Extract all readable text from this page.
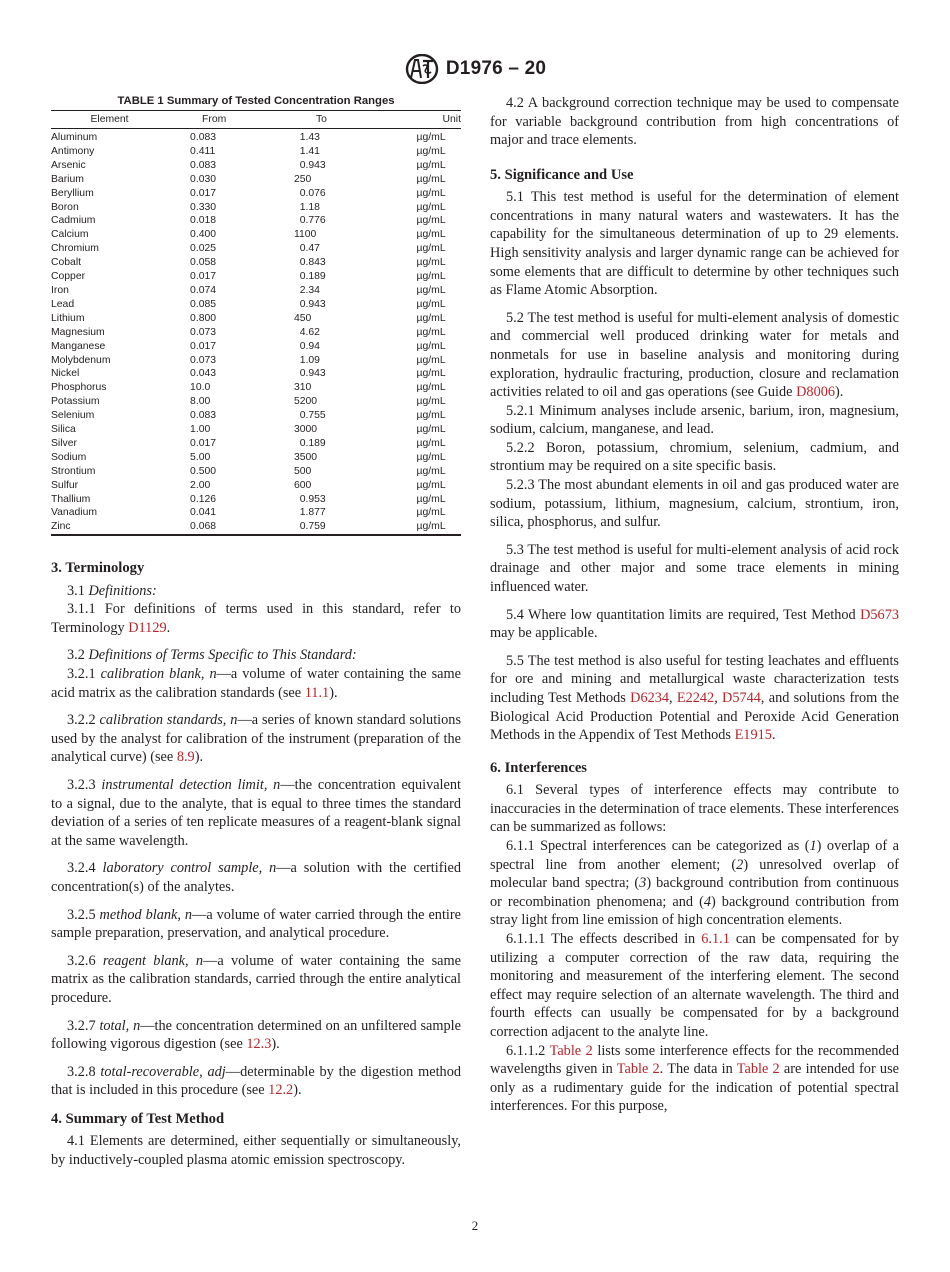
D1976 – 20
TABLE 1 Summary of Tested Concentration Ranges
Element	From	To	Unit
Aluminum	0.083	1.43	µg/mL
Antimony	0.411	1.41	µg/mL
Arsenic	0.083	0.943	µg/mL
Barium	0.030	250	µg/mL
Beryllium	0.017	0.076	µg/mL
Boron	0.330	1.18	µg/mL
Cadmium	0.018	0.776	µg/mL
Calcium	0.400	1100	µg/mL
Chromium	0.025	0.47	µg/mL
Cobalt	0.058	0.843	µg/mL
Copper	0.017	0.189	µg/mL
Iron	0.074	2.34	µg/mL
Lead	0.085	0.943	µg/mL
Lithium	0.800	450	µg/mL
Magnesium	0.073	4.62	µg/mL
Manganese	0.017	0.94	µg/mL
Molybdenum	0.073	1.09	µg/mL
Nickel	0.043	0.943	µg/mL
Phosphorus	10.0	310	µg/mL
Potassium	8.00	5200	µg/mL
Selenium	0.083	0.755	µg/mL
Silica	1.00	3000	µg/mL
Silver	0.017	0.189	µg/mL
Sodium	5.00	3500	µg/mL
Strontium	0.500	500	µg/mL
Sulfur	2.00	600	µg/mL
Thallium	0.126	0.953	µg/mL
Vanadium	0.041	1.877	µg/mL
Zinc	0.068	0.759	µg/mL

3. Terminology

3.1 Definitions:

3.1.1 For definitions of terms used in this standard, refer to Terminology D1129.

3.2 Definitions of Terms Specific to This Standard:

3.2.1 calibration blank, n—a volume of water containing the same acid matrix as the calibration standards (see 11.1).

3.2.2 calibration standards, n—a series of known standard solutions used by the analyst for calibration of the instrument (preparation of the analytical curve) (see 8.9).

3.2.3 instrumental detection limit, n—the concentration equivalent to a signal, due to the analyte, that is equal to three times the standard deviation of a series of ten replicate measures of a reagent-blank signal at the same wavelength.

3.2.4 laboratory control sample, n—a solution with the certified concentration(s) of the analytes.

3.2.5 method blank, n—a volume of water carried through the entire sample preparation, preservation, and analytical procedure.

3.2.6 reagent blank, n—a volume of water containing the same matrix as the calibration standards, carried through the entire analytical procedure.

3.2.7 total, n—the concentration determined on an unfiltered sample following vigorous digestion (see 12.3).

3.2.8 total-recoverable, adj—determinable by the digestion method that is included in this procedure (see 12.2).

4. Summary of Test Method

4.1 Elements are determined, either sequentially or simultaneously, by inductively-coupled plasma atomic emission spectroscopy.

4.2 A background correction technique may be used to compensate for variable background contribution from high concentrations of major and trace elements.

5. Significance and Use

5.1 This test method is useful for the determination of element concentrations in many natural waters and wastewaters. It has the capability for the simultaneous determination of up to 29 elements. High sensitivity analysis and larger dynamic range can be achieved for some elements that are difficult to determine by other techniques such as Flame Atomic Absorption.

5.2 The test method is useful for multi-element analysis of domestic and commercial well produced drinking water for metals and nonmetals for use in baseline analysis and monitoring during exploration, hydraulic fracturing, production, closure and reclamation activities related to oil and gas operations (see Guide D8006).

5.2.1 Minimum analyses include arsenic, barium, iron, magnesium, sodium, calcium, manganese, and lead.

5.2.2 Boron, potassium, chromium, selenium, cadmium, and strontium may be required on a site specific basis.

5.2.3 The most abundant elements in oil and gas produced water are sodium, potassium, lithium, magnesium, calcium, strontium, iron, silica, phosphorus, and sulfur.

5.3 The test method is useful for multi-element analysis of acid rock drainage and other major and some trace elements in mining influenced water.

5.4 Where low quantitation limits are required, Test Method D5673 may be applicable.

5.5 The test method is also useful for testing leachates and effluents for ore and mining and metallurgical waste characterization tests including Test Methods D6234, E2242, D5744, and solutions from the Biological Acid Production Potential and Peroxide Acid Generation Methods in the Appendix of Test Methods E1915.

6. Interferences

6.1 Several types of interference effects may contribute to inaccuracies in the determination of trace elements. These interferences can be summarized as follows:

6.1.1 Spectral interferences can be categorized as (1) overlap of a spectral line from another element; (2) unresolved overlap of molecular band spectra; (3) background contribution from continuous or recombination phenomena; and (4) background contribution from stray light from line emission of high concentration elements.

6.1.1.1 The effects described in 6.1.1 can be compensated for by utilizing a computer correction of the raw data, requiring the monitoring and measurement of the interfering element. The second effect may require selection of an alternate wavelength. The third and fourth effects can usually be compensated for by a background correction adjacent to the analyte line.

6.1.1.2 Table 2 lists some interference effects for the recommended wavelengths given in Table 2. The data in Table 2 are intended for use only as a rudimentary guide for the indication of potential spectral interferences. For this purpose,

2
